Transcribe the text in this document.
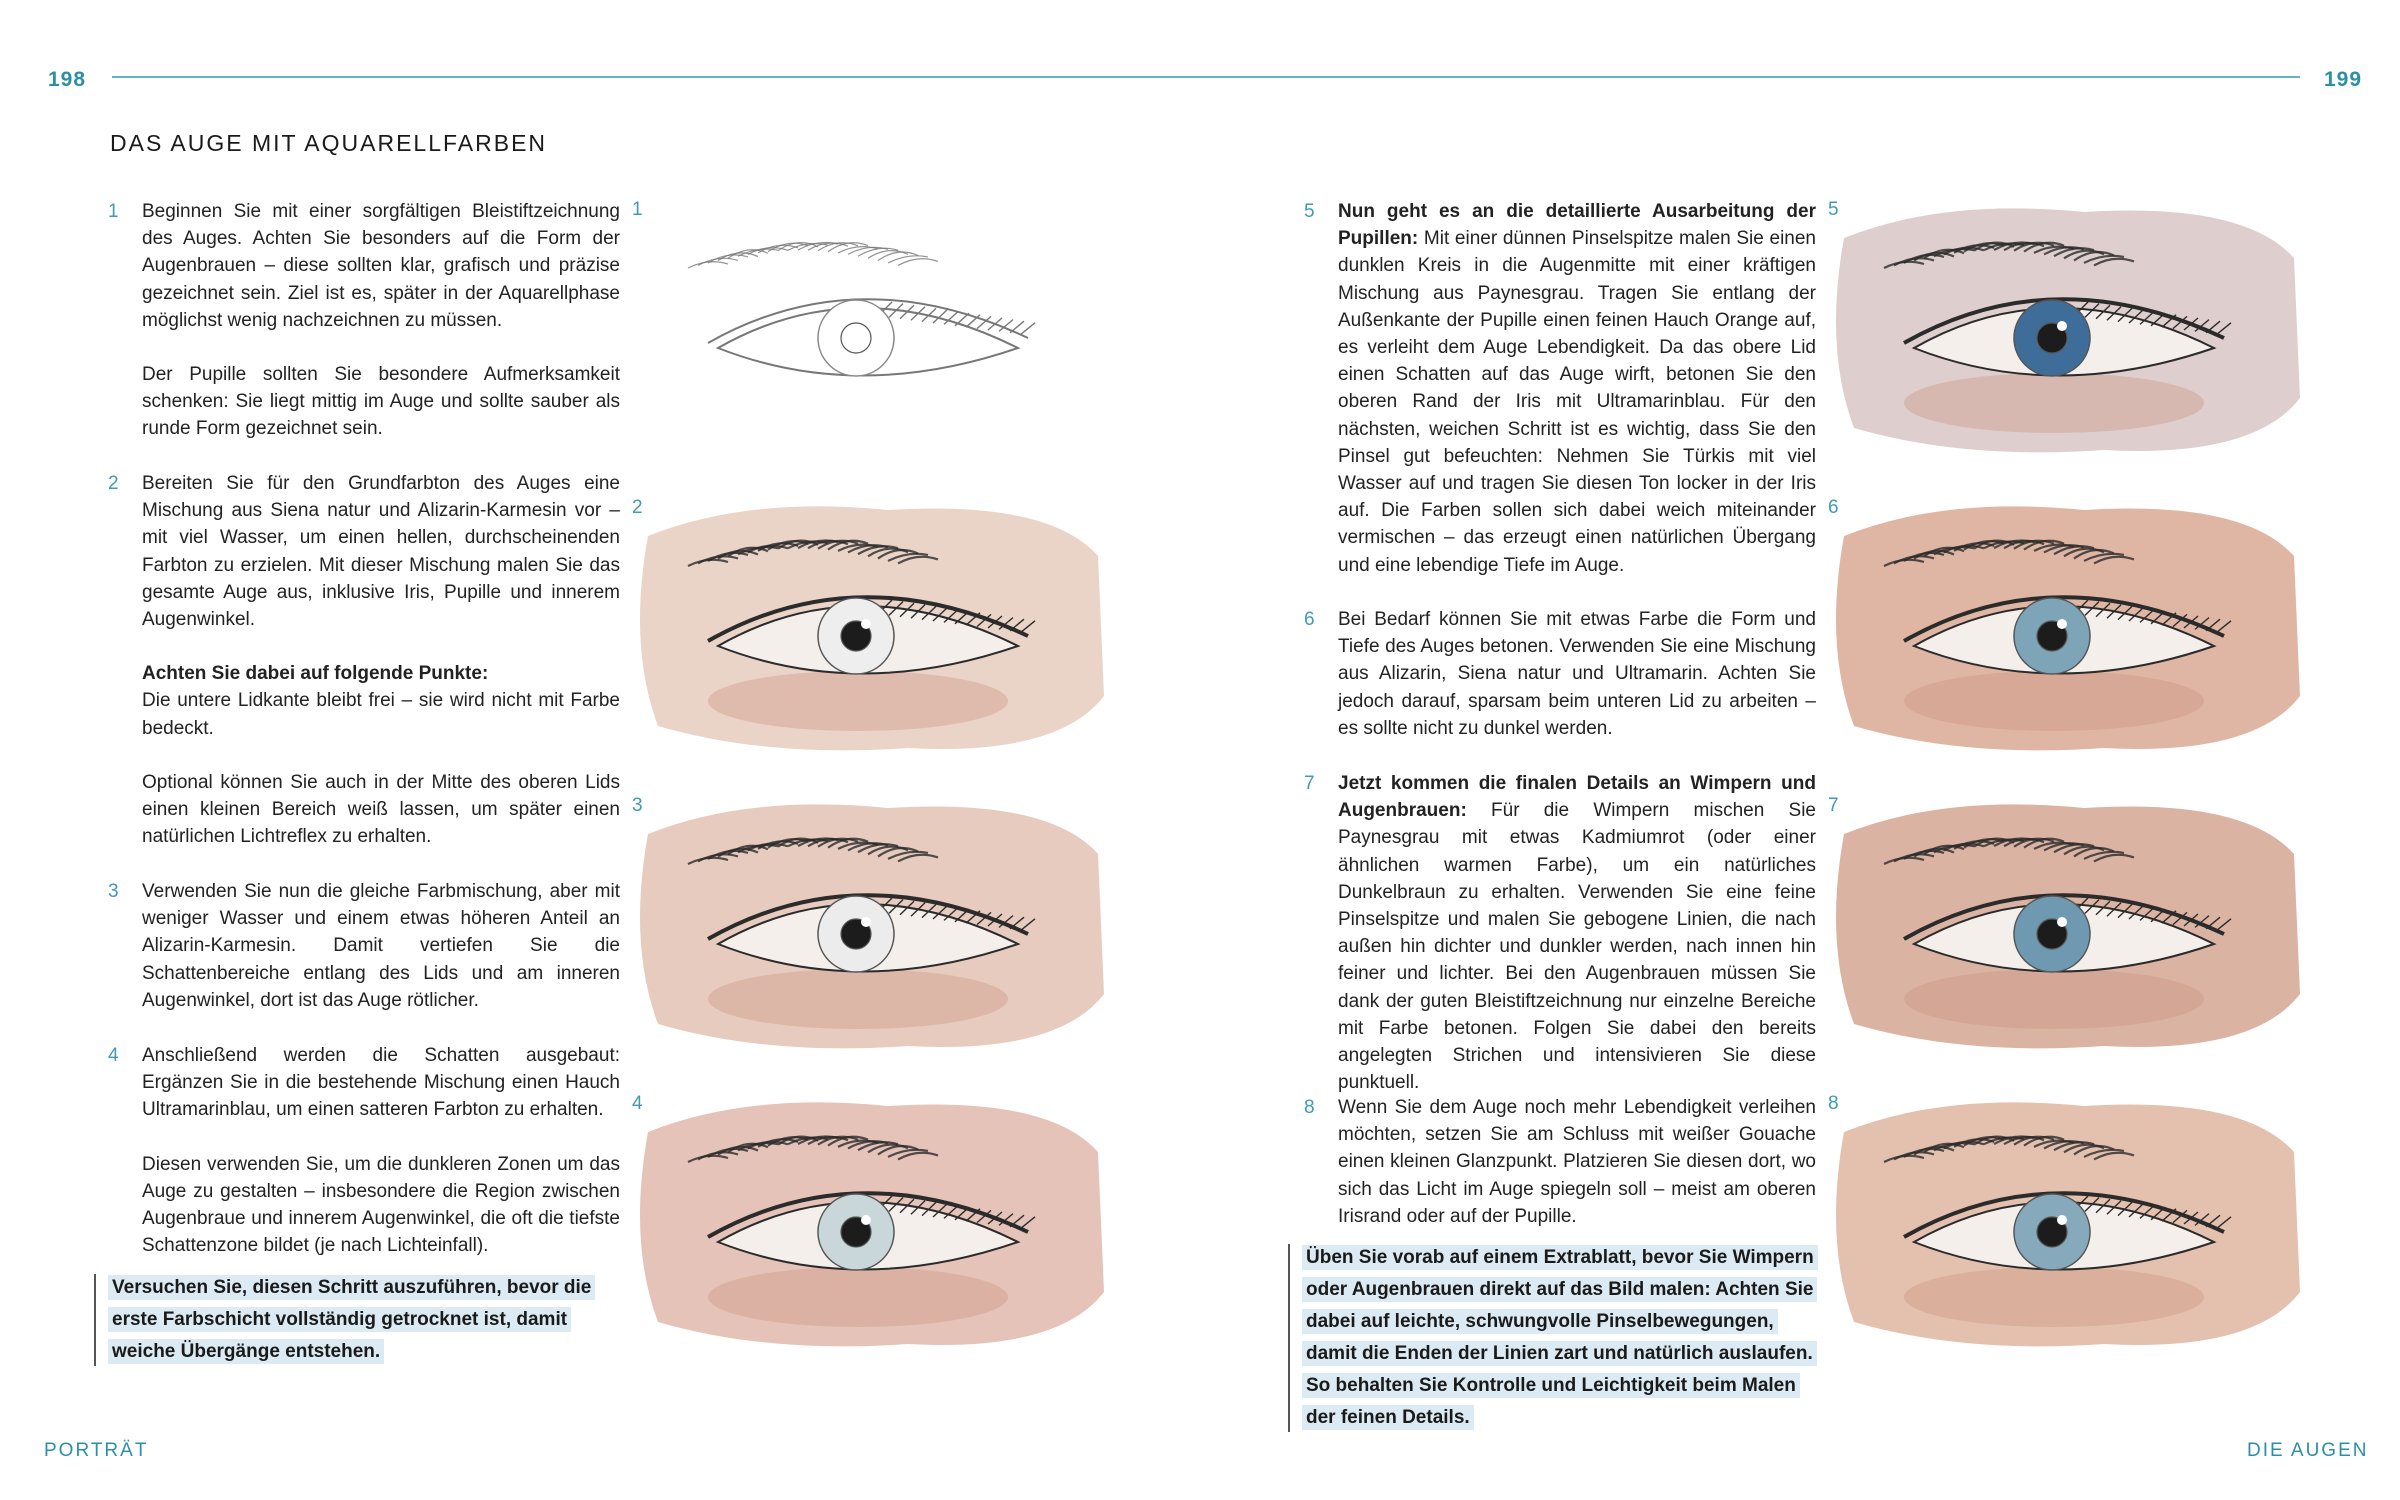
198	199
DAS AUGE MIT AQUARELLFARBEN
1 Beginnen Sie mit einer sorgfältigen Bleistiftzeichnung des Auges. Achten Sie besonders auf die Form der Augenbrauen – diese sollten klar, grafisch und präzise gezeichnet sein. Ziel ist es, später in der Aquarellphase möglichst wenig nachzeichnen zu müssen.

Der Pupille sollten Sie besondere Aufmerksamkeit schenken: Sie liegt mittig im Auge und sollte sauber als runde Form gezeichnet sein.

2 Bereiten Sie für den Grundfarbton des Auges eine Mischung aus Siena natur und Alizarin-Karmesin vor – mit viel Wasser, um einen hellen, durchscheinenden Farbton zu erzielen. Mit dieser Mischung malen Sie das gesamte Auge aus, inklusive Iris, Pupille und innerem Augenwinkel.

Achten Sie dabei auf folgende Punkte:
Die untere Lidkante bleibt frei – sie wird nicht mit Farbe bedeckt.

Optional können Sie auch in der Mitte des oberen Lids einen kleinen Bereich weiß lassen, um später einen natürlichen Lichtreflex zu erhalten.

3 Verwenden Sie nun die gleiche Farbmischung, aber mit weniger Wasser und einem etwas höheren Anteil an Alizarin-Karmesin. Damit vertiefen Sie die Schattenbereiche entlang des Lids und am inneren Augenwinkel, dort ist das Auge rötlicher.

4 Anschließend werden die Schatten ausgebaut: Ergänzen Sie in die bestehende Mischung einen Hauch Ultramarinblau, um einen satteren Farbton zu erhalten.

Diesen verwenden Sie, um die dunkleren Zonen um das Auge zu gestalten – insbesondere die Region zwischen Augenbraue und innerem Augenwinkel, die oft die tiefste Schattenzone bildet (je nach Lichteinfall).

Versuchen Sie, diesen Schritt auszuführen, bevor die erste Farbschicht vollständig getrocknet ist, damit weiche Übergänge entstehen.
5 Nun geht es an die detaillierte Ausarbeitung der Pupillen: Mit einer dünnen Pinselspitze malen Sie einen dunklen Kreis in die Augenmitte mit einer kräftigen Mischung aus Paynesgrau. Tragen Sie entlang der Außenkante der Pupille einen feinen Hauch Orange auf, es verleiht dem Auge Lebendigkeit. Da das obere Lid einen Schatten auf das Auge wirft, betonen Sie den oberen Rand der Iris mit Ultramarinblau. Für den nächsten, weichen Schritt ist es wichtig, dass Sie den Pinsel gut befeuchten: Nehmen Sie Türkis mit viel Wasser auf und tragen Sie diesen Ton locker in der Iris auf. Die Farben sollen sich dabei weich miteinander vermischen – das erzeugt einen natürlichen Übergang und eine lebendige Tiefe im Auge.

6 Bei Bedarf können Sie mit etwas Farbe die Form und Tiefe des Auges betonen. Verwenden Sie eine Mischung aus Alizarin, Siena natur und Ultramarin. Achten Sie jedoch darauf, sparsam beim unteren Lid zu arbeiten – es sollte nicht zu dunkel werden.

7 Jetzt kommen die finalen Details an Wimpern und Augenbrauen: Für die Wimpern mischen Sie Paynesgrau mit etwas Kadmiumrot (oder einer ähnlichen warmen Farbe), um ein natürliches Dunkelbraun zu erhalten. Verwenden Sie eine feine Pinselspitze und malen Sie gebogene Linien, die nach außen hin dichter und dunkler werden, nach innen hin feiner und lichter. Bei den Augenbrauen müssen Sie dank der guten Bleistiftzeichnung nur einzelne Bereiche mit Farbe betonen. Folgen Sie dabei den bereits angelegten Strichen und intensivieren Sie diese punktuell.

8 Wenn Sie dem Auge noch mehr Lebendigkeit verleihen möchten, setzen Sie am Schluss mit weißer Gouache einen kleinen Glanzpunkt. Platzieren Sie diesen dort, wo sich das Licht im Auge spiegeln soll – meist am oberen Irisrand oder auf der Pupille.

Üben Sie vorab auf einem Extrablatt, bevor Sie Wimpern oder Augenbrauen direkt auf das Bild malen: Achten Sie dabei auf leichte, schwungvolle Pinselbewegungen, damit die Enden der Linien zart und natürlich auslaufen. So behalten Sie Kontrolle und Leichtigkeit beim Malen der feinen Details.
1
2
3
4
5
6
7
8
PORTRÄT	DIE AUGEN
